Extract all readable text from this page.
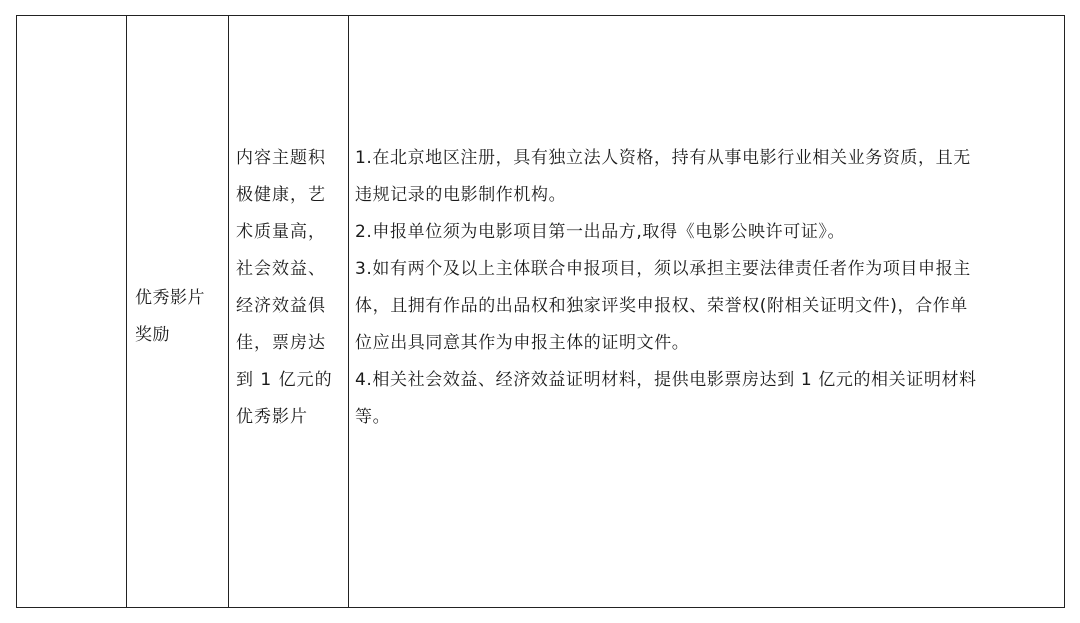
优秀影片
奖励
内容主题积
极健康，艺
术质量高，
社会效益、
经济效益俱
佳，票房达
到 1 亿元的
优秀影片
1.在北京地区注册，具有独立法人资格，持有从事电影行业相关业务资质，且无
违规记录的电影制作机构。
2.申报单位须为电影项目第一出品方,取得《电影公映许可证》。
3.如有两个及以上主体联合申报项目，须以承担主要法律责任者作为项目申报主
体，且拥有作品的出品权和独家评奖申报权、荣誉权(附相关证明文件)，合作单
位应出具同意其作为申报主体的证明文件。
4.相关社会效益、经济效益证明材料，提供电影票房达到 1 亿元的相关证明材料
等。
